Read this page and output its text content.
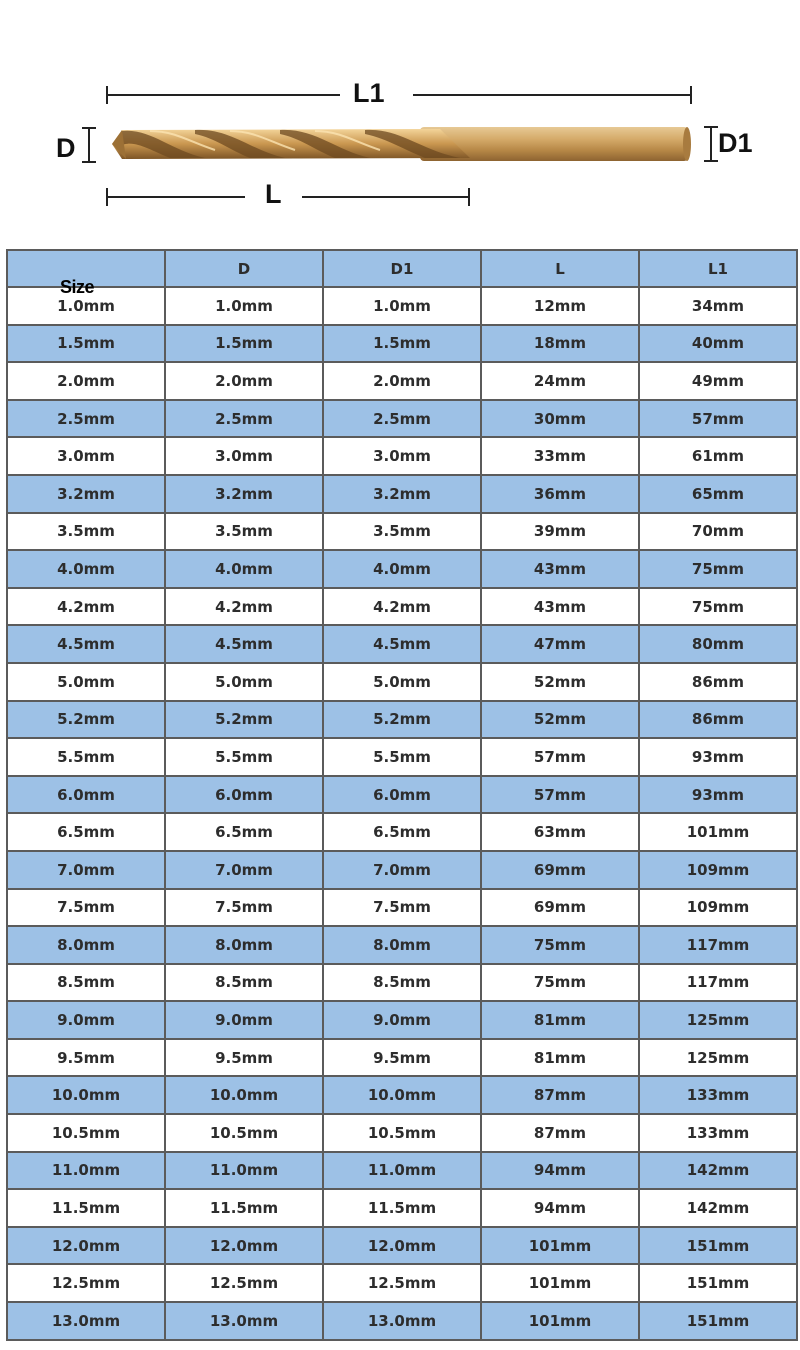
L1
D	D1
L
Size	D	D1	L	L1
1.0mm	1.0mm	1.0mm	12mm	34mm
1.5mm	1.5mm	1.5mm	18mm	40mm
2.0mm	2.0mm	2.0mm	24mm	49mm
2.5mm	2.5mm	2.5mm	30mm	57mm
3.0mm	3.0mm	3.0mm	33mm	61mm
3.2mm	3.2mm	3.2mm	36mm	65mm
3.5mm	3.5mm	3.5mm	39mm	70mm
4.0mm	4.0mm	4.0mm	43mm	75mm
4.2mm	4.2mm	4.2mm	43mm	75mm
4.5mm	4.5mm	4.5mm	47mm	80mm
5.0mm	5.0mm	5.0mm	52mm	86mm
5.2mm	5.2mm	5.2mm	52mm	86mm
5.5mm	5.5mm	5.5mm	57mm	93mm
6.0mm	6.0mm	6.0mm	57mm	93mm
6.5mm	6.5mm	6.5mm	63mm	101mm
7.0mm	7.0mm	7.0mm	69mm	109mm
7.5mm	7.5mm	7.5mm	69mm	109mm
8.0mm	8.0mm	8.0mm	75mm	117mm
8.5mm	8.5mm	8.5mm	75mm	117mm
9.0mm	9.0mm	9.0mm	81mm	125mm
9.5mm	9.5mm	9.5mm	81mm	125mm
10.0mm	10.0mm	10.0mm	87mm	133mm
10.5mm	10.5mm	10.5mm	87mm	133mm
11.0mm	11.0mm	11.0mm	94mm	142mm
11.5mm	11.5mm	11.5mm	94mm	142mm
12.0mm	12.0mm	12.0mm	101mm	151mm
12.5mm	12.5mm	12.5mm	101mm	151mm
13.0mm	13.0mm	13.0mm	101mm	151mm
